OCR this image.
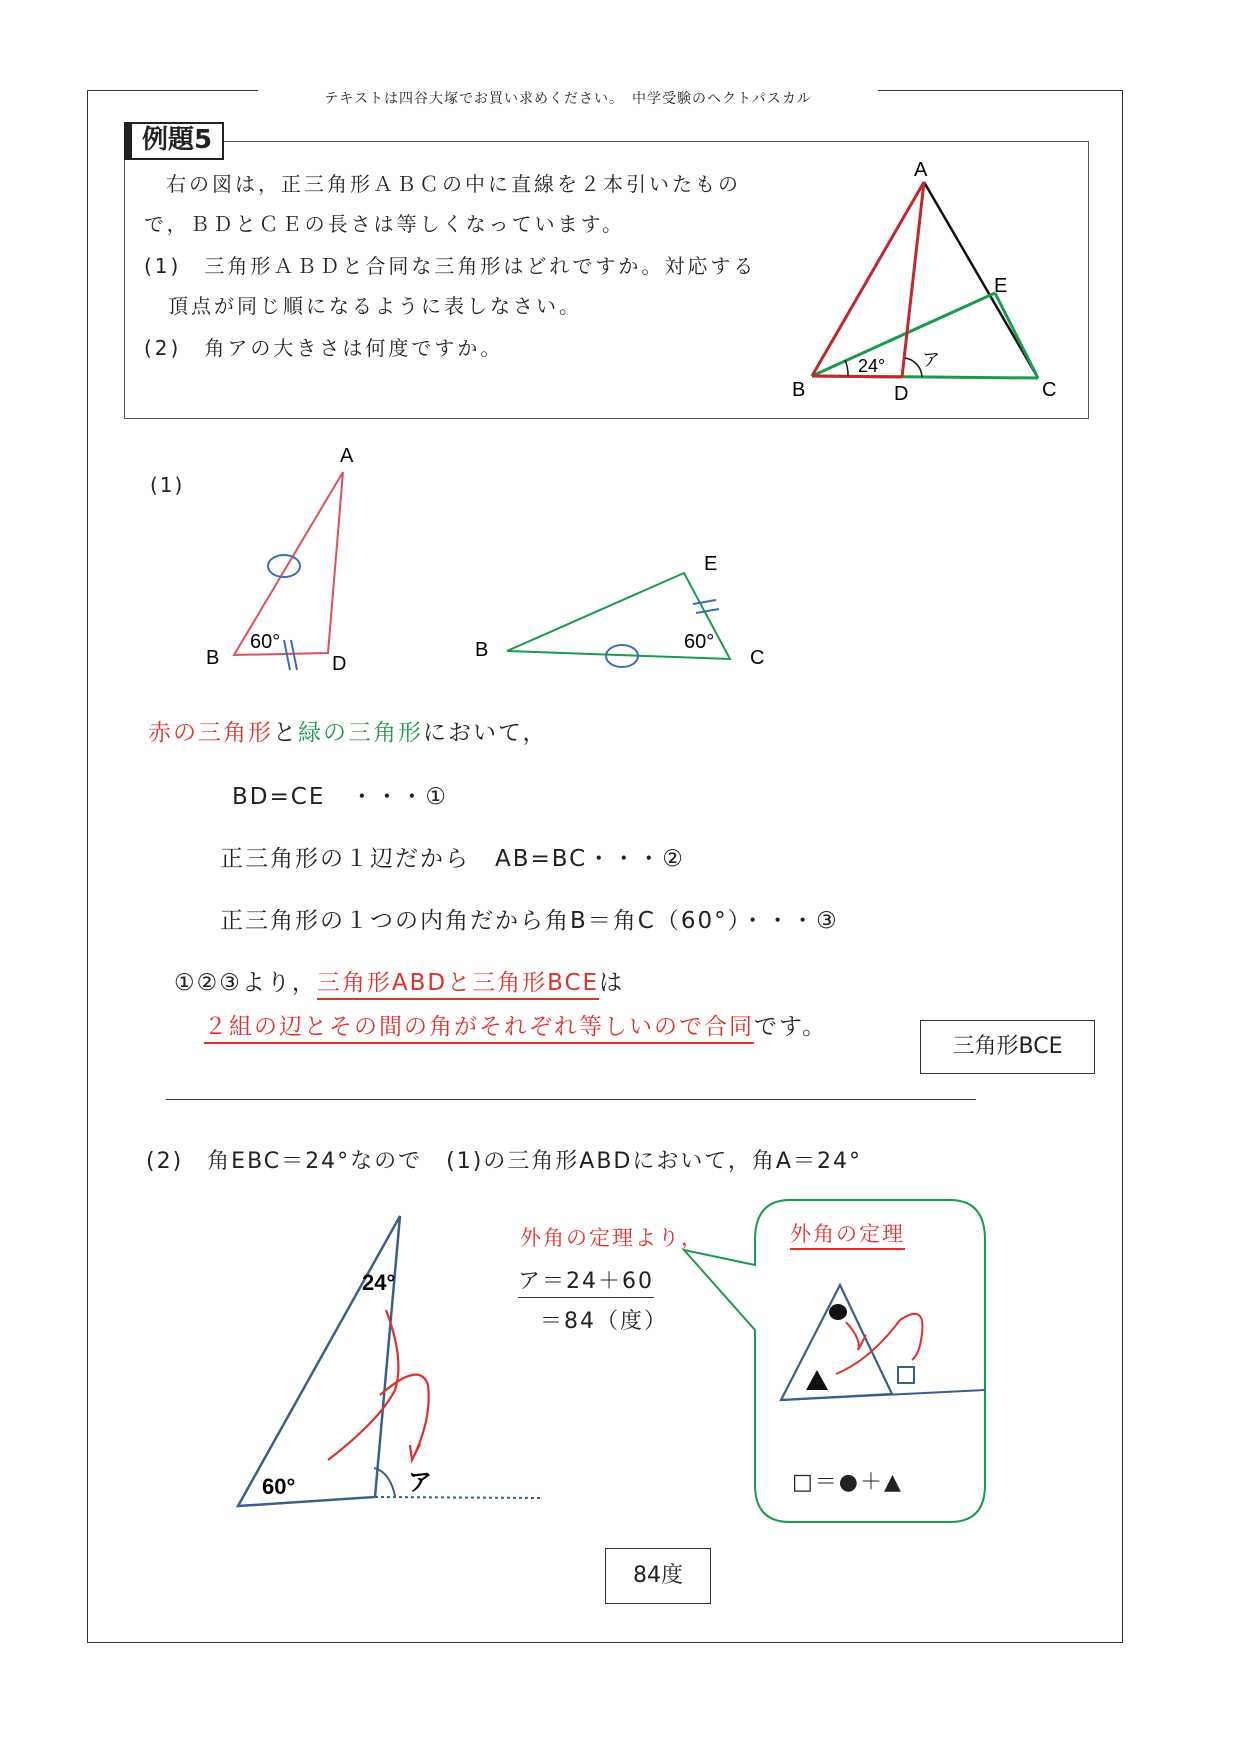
テキストは四谷大塚でお買い求めください。　中学受験のヘクトパスカル
例題5
右の図は，正三角形ＡＢＣの中に直線を２本引いたもの
で，ＢＤとＣＥの長さは等しくなっています。
(1)　三角形ＡＢＤと合同な三角形はどれですか。対応する
頂点が同じ順になるように表しなさい。
(2)　角アの大きさは何度ですか。
A
B	C
D
E
24° ア
(1)
A
B	D
60°
E
B	C
60°
赤の三角形と緑の三角形において，
BD=CE　・・・①
正三角形の１辺だから　AB=BC・・・②
正三角形の１つの内角だから角B＝角C（60°）・・・③
①②③より，三角形ABDと三角形BCEは
２組の辺とその間の角がそれぞれ等しいので合同です。
三角形BCE
(2)　角EBC＝24°なので　(1)の三角形ABDにおいて，角A＝24°
24°
60°	ア
外角の定理より，
ア＝24＋60
＝84（度）
外角の定理
□＝●＋▲
84度
